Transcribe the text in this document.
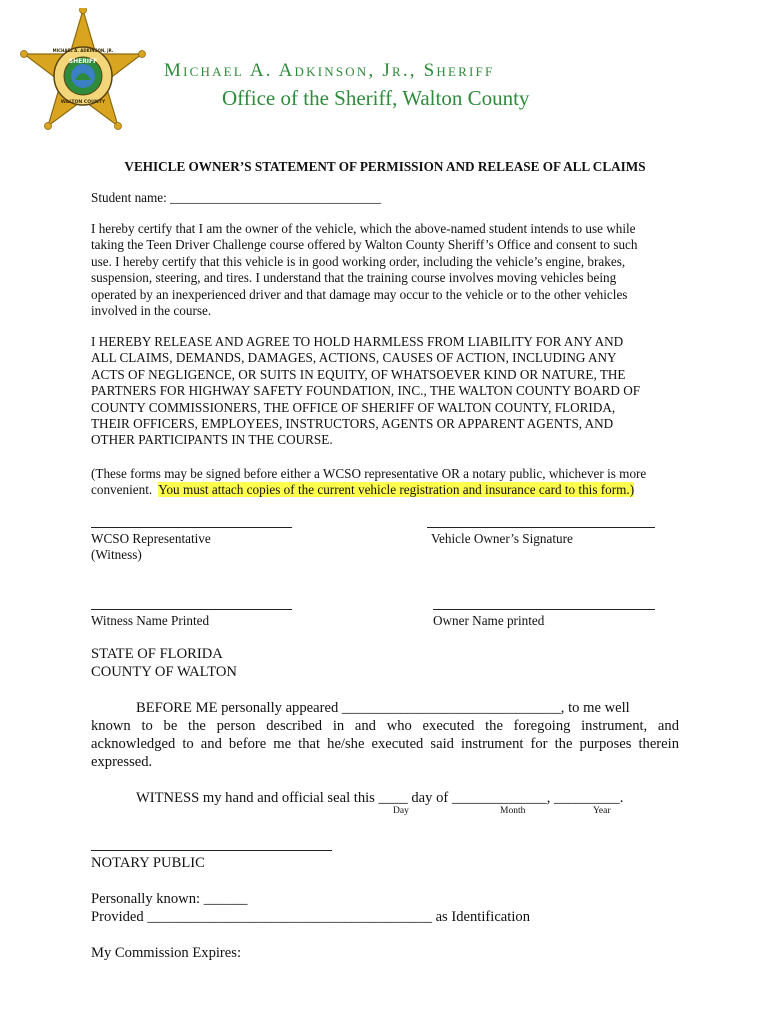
SHERIFF
MICHAEL A. ADKINSON, JR.
WALTON COUNTY
Michael A. Adkinson, Jr., Sheriff
Office of the Sheriff, Walton County
VEHICLE OWNER’S STATEMENT OF PERMISSION AND RELEASE OF ALL CLAIMS
Student name: ________________________________
I hereby certify that I am the owner of the vehicle, which the above-named student intends to use while
taking the Teen Driver Challenge course offered by Walton County Sheriff’s Office and consent to such
use. I hereby certify that this vehicle is in good working order, including the vehicle’s engine, brakes,
suspension, steering, and tires. I understand that the training course involves moving vehicles being
operated by an inexperienced driver and that damage may occur to the vehicle or to the other vehicles
involved in the course.
I HEREBY RELEASE AND AGREE TO HOLD HARMLESS FROM LIABILITY FOR ANY AND
ALL CLAIMS, DEMANDS, DAMAGES, ACTIONS, CAUSES OF ACTION, INCLUDING ANY
ACTS OF NEGLIGENCE, OR SUITS IN EQUITY, OF WHATSOEVER KIND OR NATURE, THE
PARTNERS FOR HIGHWAY SAFETY FOUNDATION, INC., THE WALTON COUNTY BOARD OF
COUNTY COMMISSIONERS, THE OFFICE OF SHERIFF OF WALTON COUNTY, FLORIDA,
THEIR OFFICERS, EMPLOYEES, INSTRUCTORS, AGENTS OR APPARENT AGENTS, AND
OTHER PARTICIPANTS IN THE COURSE.
(These forms may be signed before either a WCSO representative OR a notary public, whichever is more
convenient.  You must attach copies of the current vehicle registration and insurance card to this form.)
WCSO Representative
(Witness)
Vehicle Owner’s Signature
Witness Name Printed	Owner Name printed
STATE OF FLORIDA
COUNTY OF WALTON
BEFORE ME personally appeared ______________________________, to me well
known to be the person described in and who executed the foregoing instrument, and
acknowledged to and before me that he/she executed said instrument for the purposes therein
expressed.
WITNESS my hand and official seal this ____ day of _____________, _________.
Day	Month	Year
NOTARY PUBLIC
Personally known: ______
Provided _______________________________________ as Identification
My Commission Expires:
